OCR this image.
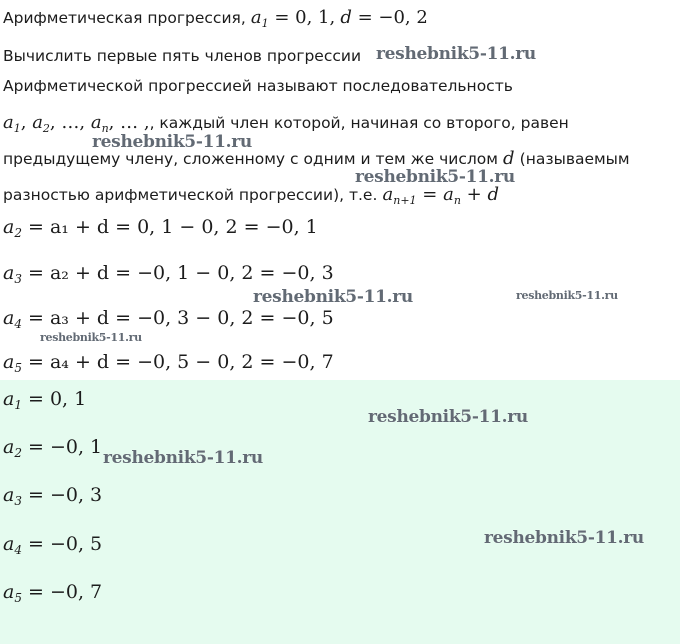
Арифметическая прогрессия, $a_1 = 0$, 1, d = −0, 2
Вычислить первые пять членов прогрессии
Арифметической прогрессией называют последовательность
$a_1$, $a_2$, …, $a_n$, … ,, каждый член которой, начиная со второго, равен
предыдущему члену, сложенному с одним и тем же числом d (называемым
разностью арифметической прогрессии), т.е. $a_{n+1} = a_n + d$
$a_2 = a_1 + d = 0$, 1 − 0, 2 = −0, 1
$a_3 = a_2 + d = -0$, 1 − 0, 2 = −0, 3
$a_4 = a_3 + d = -0$, 3 − 0, 2 = −0, 5
$a_5 = a_4 + d = -0$, 5 − 0, 2 = −0, 7
$a_1 = 0$, 1
$a_2 = -0$, 1
$a_3 = -0$, 3
$a_4 = -0$, 5
$a_5 = -0$, 7
reshebnik5-11.ru
reshebnik5-11.ru
reshebnik5-11.ru
reshebnik5-11.ru	reshebnik5-11.ru
reshebnik5-11.ru
reshebnik5-11.ru
reshebnik5-11.ru
reshebnik5-11.ru
